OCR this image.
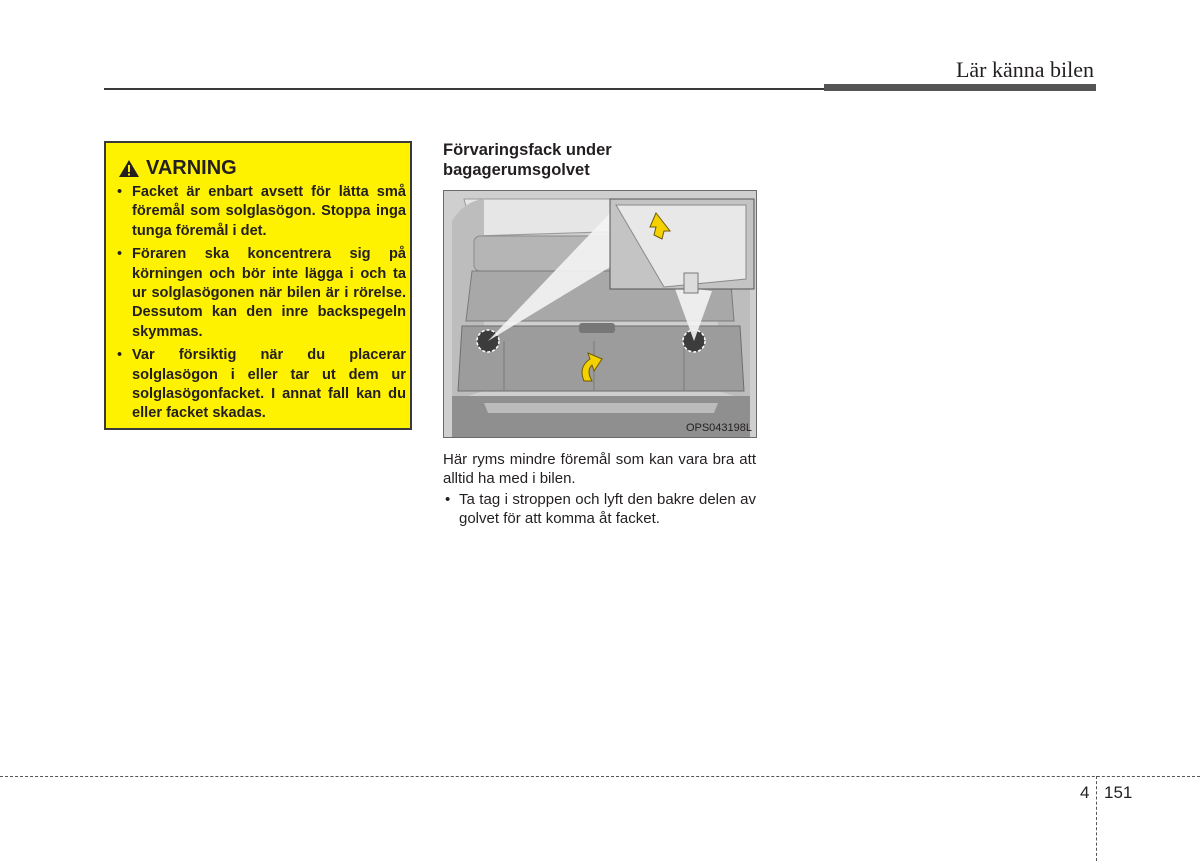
Lär känna bilen
VARNING
• Facket är enbart avsett för lätta små föremål som solglasögon. Stoppa inga tunga föremål i det.
• Föraren ska koncentrera sig på körningen och bör inte lägga i och ta ur solglasögonen när bilen är i rörelse. Dessutom kan den inre backspegeln skymmas.
• Var försiktig när du placerar solglasögon i eller tar ut dem ur solglasögonfacket. I annat fall kan du eller facket skadas.
Förvaringsfack under bagagerumsgolvet
OPS043198L
Här ryms mindre föremål som kan vara bra att alltid ha med i bilen.
• Ta tag i stroppen och lyft den bakre delen av golvet för att komma åt facket.
4 151
